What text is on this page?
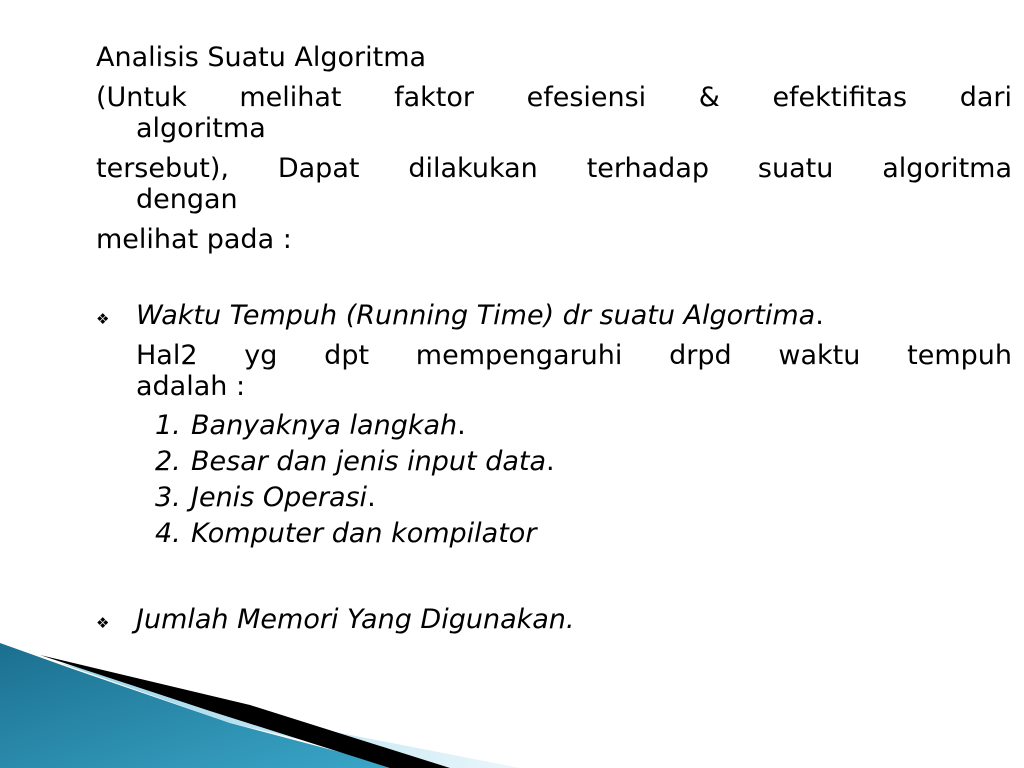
Analisis Suatu Algoritma
(Untuk melihat faktor efesiensi & efektifitas dari
algoritma
tersebut), Dapat dilakukan terhadap suatu algoritma
dengan
melihat pada :
❖ Waktu Tempuh (Running Time) dr suatu Algortima.
Hal2 yg dpt mempengaruhi drpd waktu tempuh
adalah :
1. Banyaknya langkah.
2. Besar dan jenis input data.
3. Jenis Operasi.
4. Komputer dan kompilator
❖ Jumlah Memori Yang Digunakan.
